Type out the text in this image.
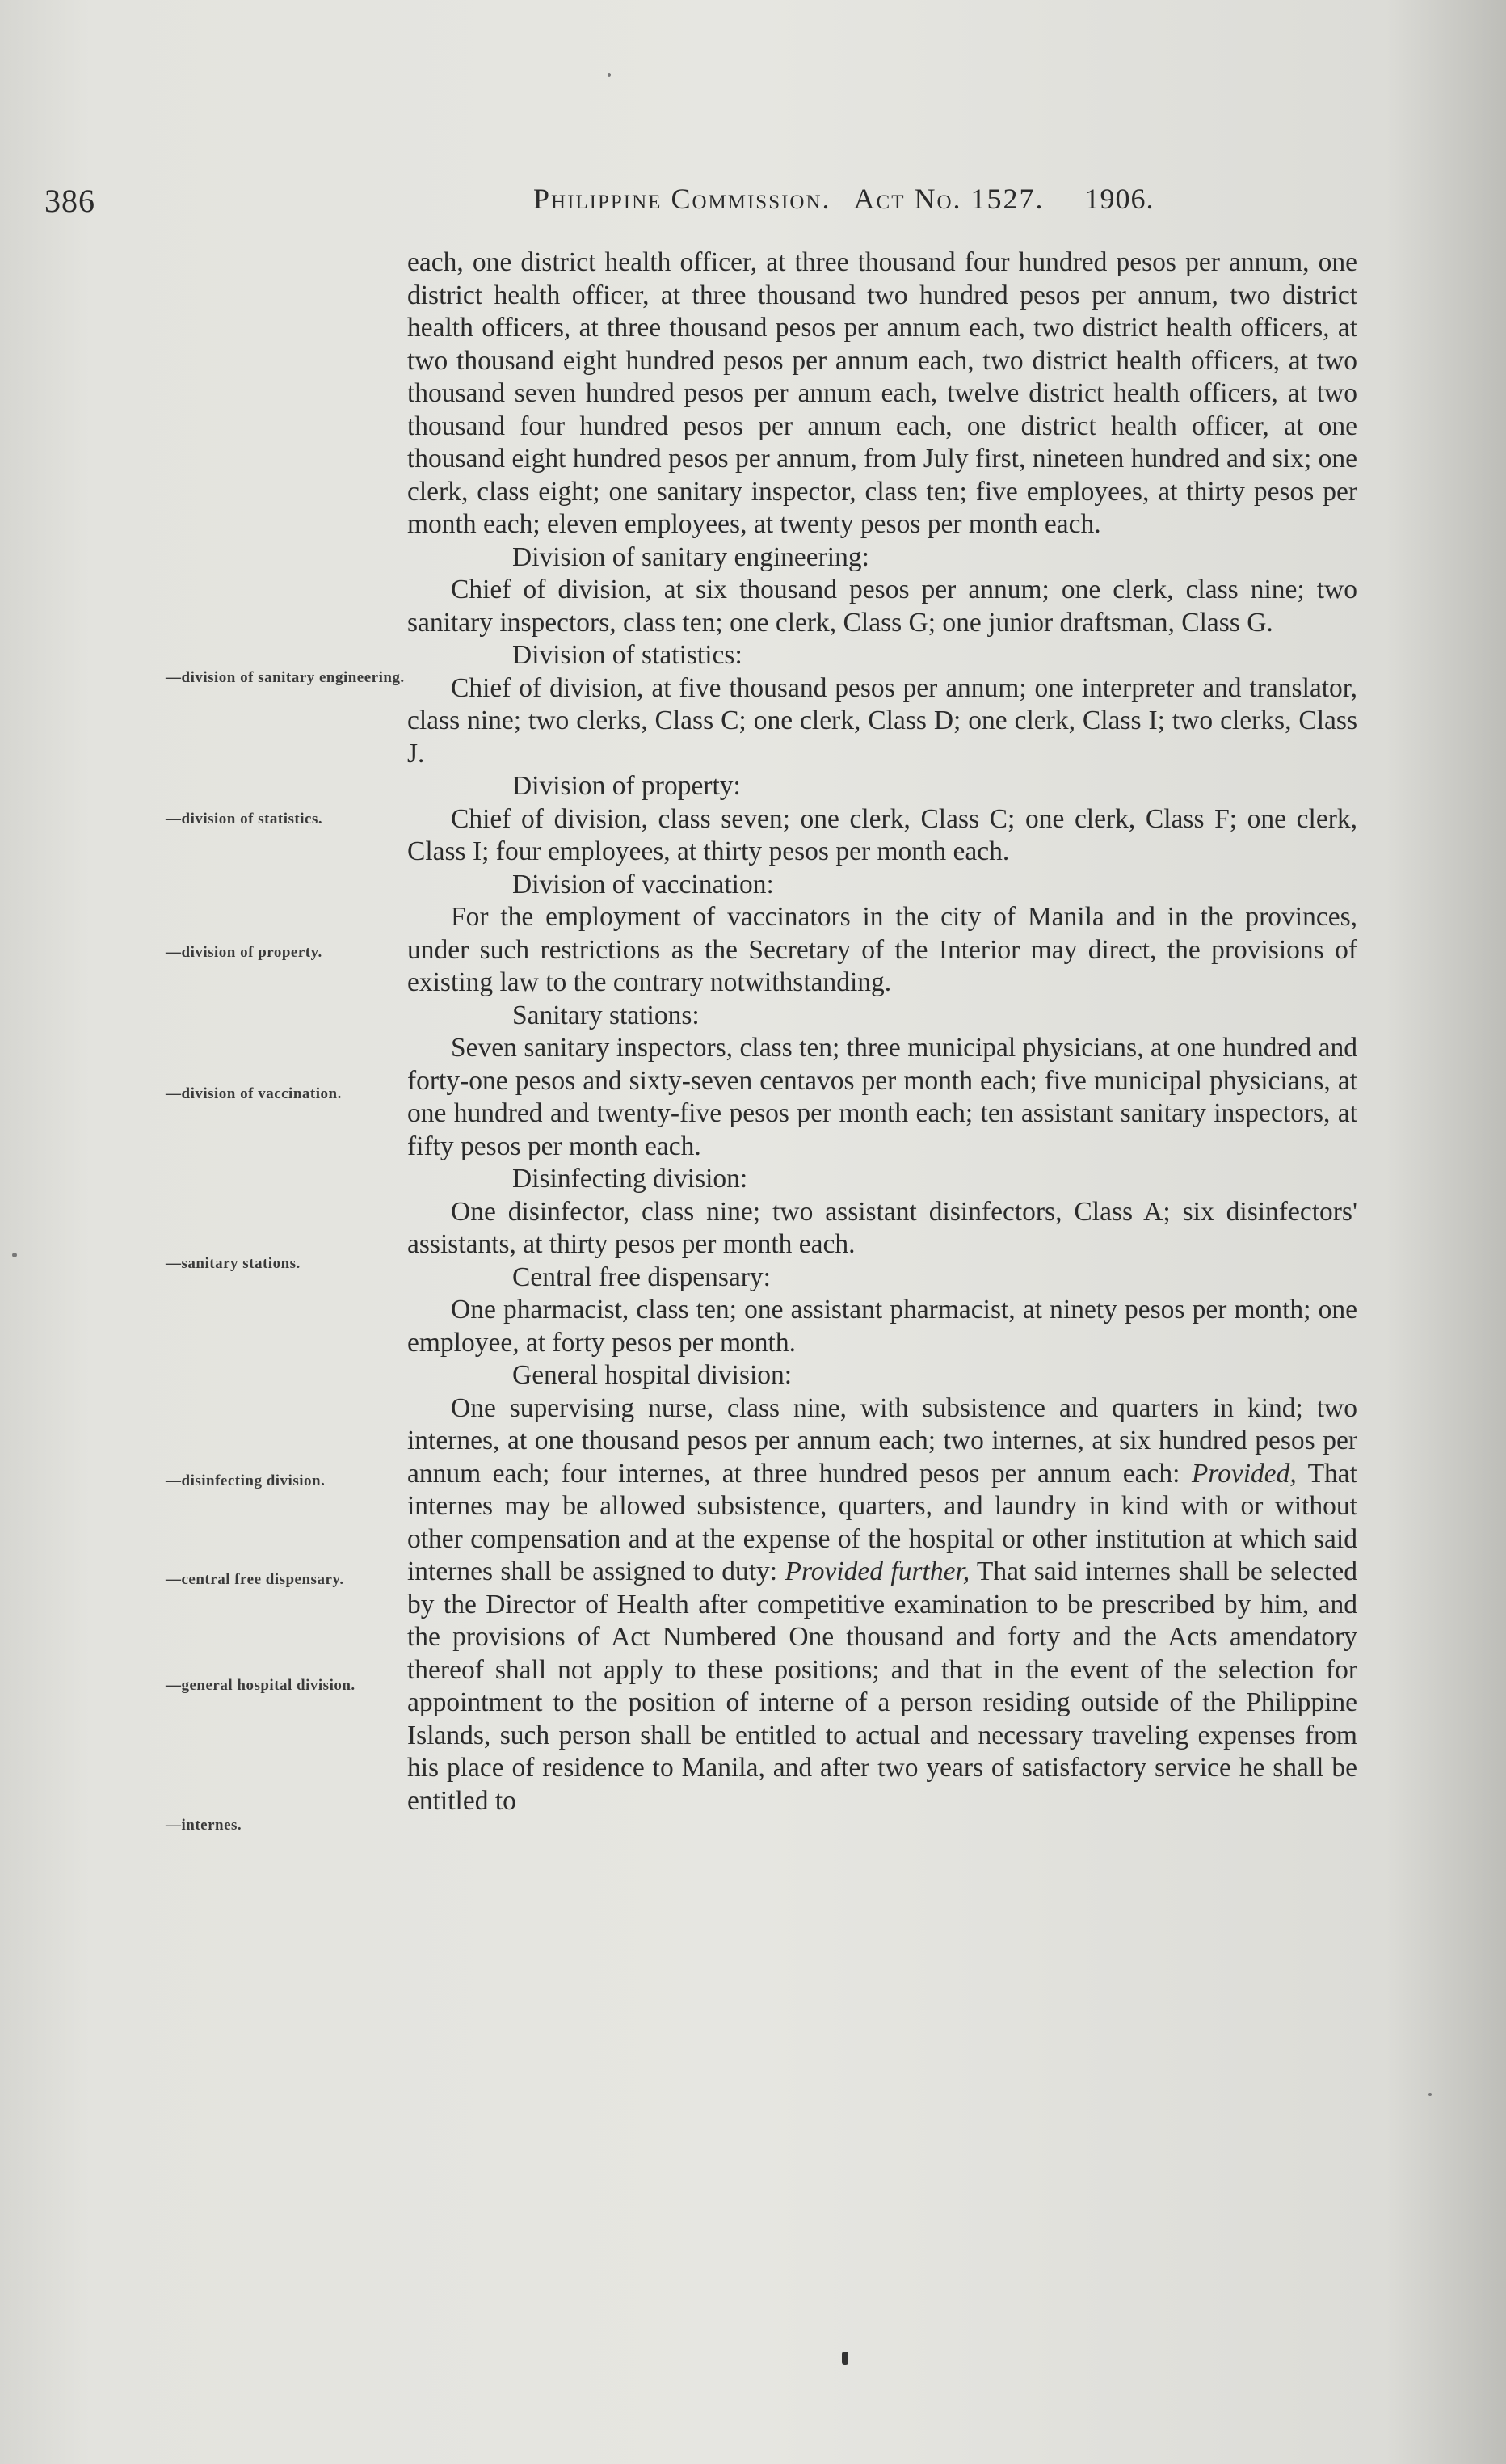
386	Philippine Commission. Act No. 1527. 1906.

each, one district health officer, at three thousand four hundred pesos per annum, one district health officer, at three thousand two hundred pesos per annum, two district health officers, at three thousand pesos per annum each, two district health officers, at two thousand eight hundred pesos per annum each, two district health officers, at two thousand seven hundred pesos per annum each, twelve district health officers, at two thousand four hundred pesos per annum each, one district health officer, at one thousand eight hundred pesos per annum, from July first, nineteen hundred and six; one clerk, class eight; one sanitary inspector, class ten; five employees, at thirty pesos per month each; eleven employees, at twenty pesos per month each.

Division of sanitary engineering:

Chief of division, at six thousand pesos per annum; one clerk, class nine; two sanitary inspectors, class ten; one clerk, Class G; one junior draftsman, Class G.

Division of statistics:

Chief of division, at five thousand pesos per annum; one interpreter and translator, class nine; two clerks, Class C; one clerk, Class D; one clerk, Class I; two clerks, Class J.

Division of property:

Chief of division, class seven; one clerk, Class C; one clerk, Class F; one clerk, Class I; four employees, at thirty pesos per month each.

Division of vaccination:

For the employment of vaccinators in the city of Manila and in the provinces, under such restrictions as the Secretary of the Interior may direct, the provisions of existing law to the contrary notwithstanding.

Sanitary stations:

Seven sanitary inspectors, class ten; three municipal physicians, at one hundred and forty-one pesos and sixty-seven centavos per month each; five municipal physicians, at one hundred and twenty-five pesos per month each; ten assistant sanitary inspectors, at fifty pesos per month each.

Disinfecting division:

One disinfector, class nine; two assistant disinfectors, Class A; six disinfectors' assistants, at thirty pesos per month each.

Central free dispensary:

One pharmacist, class ten; one assistant pharmacist, at ninety pesos per month; one employee, at forty pesos per month.

General hospital division:

One supervising nurse, class nine, with subsistence and quarters in kind; two internes, at one thousand pesos per annum each; two internes, at six hundred pesos per annum each; four internes, at three hundred pesos per annum each: Provided, That internes may be allowed subsistence, quarters, and laundry in kind with or without other compensation and at the expense of the hospital or other institution at which said internes shall be assigned to duty: Provided further, That said internes shall be selected by the Director of Health after competitive examination to be prescribed by him, and the provisions of Act Numbered One thousand and forty and the Acts amendatory thereof shall not apply to these positions; and that in the event of the selection for appointment to the position of interne of a person residing outside of the Philippine Islands, such person shall be entitled to actual and necessary traveling expenses from his place of residence to Manila, and after two years of satisfactory service he shall be entitled to

—division of sanitary engineering.
—division of statistics.
—division of property.
—division of vaccination.
—sanitary stations.
—disinfecting division.
—central free dispensary.
—general hospital division.
—internes.
